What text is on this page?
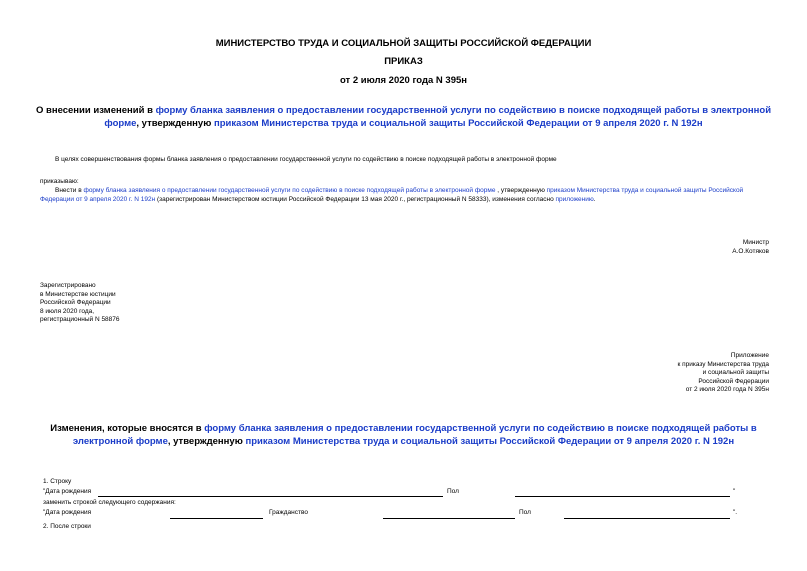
МИНИСТЕРСТВО ТРУДА И СОЦИАЛЬНОЙ ЗАЩИТЫ РОССИЙСКОЙ ФЕДЕРАЦИИ
ПРИКАЗ
от 2 июля 2020 года N 395н
О внесении изменений в форму бланка заявления о предоставлении государственной услуги по содействию в поиске подходящей работы в электронной форме, утвержденную приказом Министерства труда и социальной защиты Российской Федерации от 9 апреля 2020 г. N 192н
В целях совершенствования формы бланка заявления о предоставлении государственной услуги по содействию в поиске подходящей работы в электронной форме
приказываю:
Внести в форму бланка заявления о предоставлении государственной услуги по содействию в поиске подходящей работы в электронной форме , утвержденную приказом Министерства труда и социальной защиты Российской Федерации от 9 апреля 2020 г. N 192н (зарегистрирован Министерством юстиции Российской Федерации 13 мая 2020 г., регистрационный N 58333), изменения согласно приложению.
Министр
А.О.Котяков
Зарегистрировано
в Министерстве юстиции
Российской Федерации
8 июля 2020 года,
регистрационный N 58876
Приложение
к приказу Министерства труда
и социальной защиты
Российской Федерации
от 2 июля 2020 года N 395н
Изменения, которые вносятся в форму бланка заявления о предоставлении государственной услуги по содействию в поиске подходящей работы в электронной форме, утвержденную приказом Министерства труда и социальной защиты Российской Федерации от 9 апреля 2020 г. N 192н
1. Строку
"Дата рождения	Пол	"
заменить строкой следующего содержания:
"Дата рождения	Гражданство	Пол	".
2. После строки
